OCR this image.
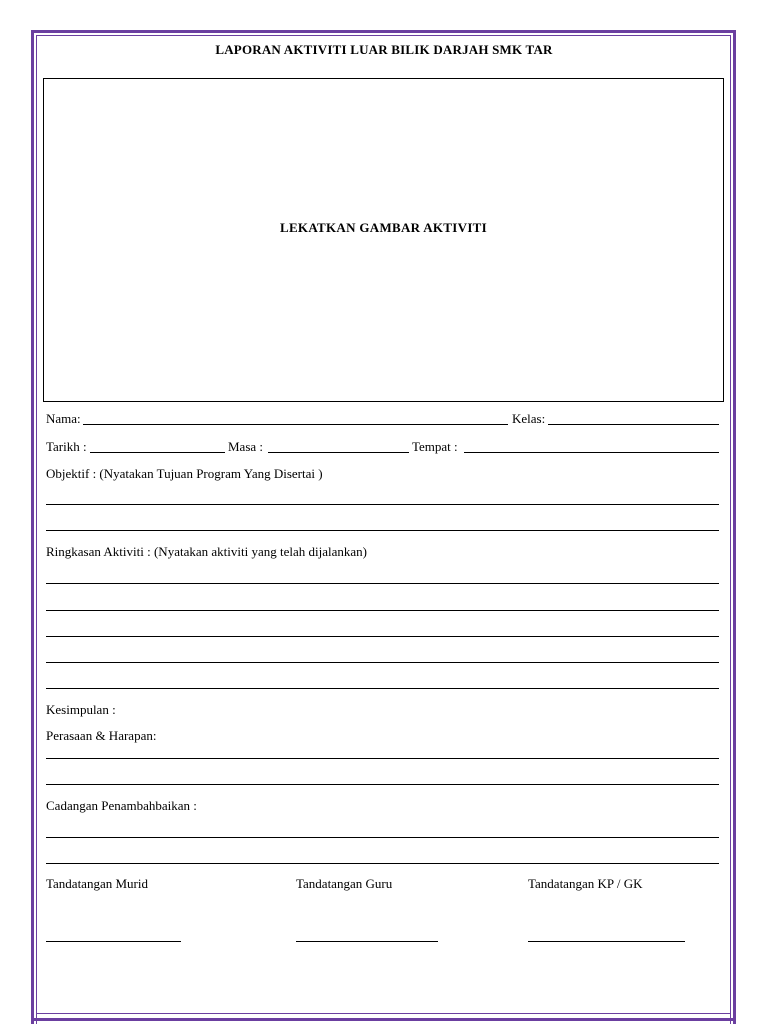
LAPORAN AKTIVITI LUAR BILIK DARJAH SMK TAR
LEKATKAN GAMBAR AKTIVITI
Nama:	Kelas:
Tarikh :	Masa :	Tempat :
Objektif : (Nyatakan Tujuan Program Yang Disertai )
Ringkasan Aktiviti : (Nyatakan aktiviti yang telah dijalankan)
Kesimpulan :
Perasaan & Harapan:
Cadangan Penambahbaikan :
Tandatangan Murid	Tandatangan Guru	Tandatangan KP / GK
